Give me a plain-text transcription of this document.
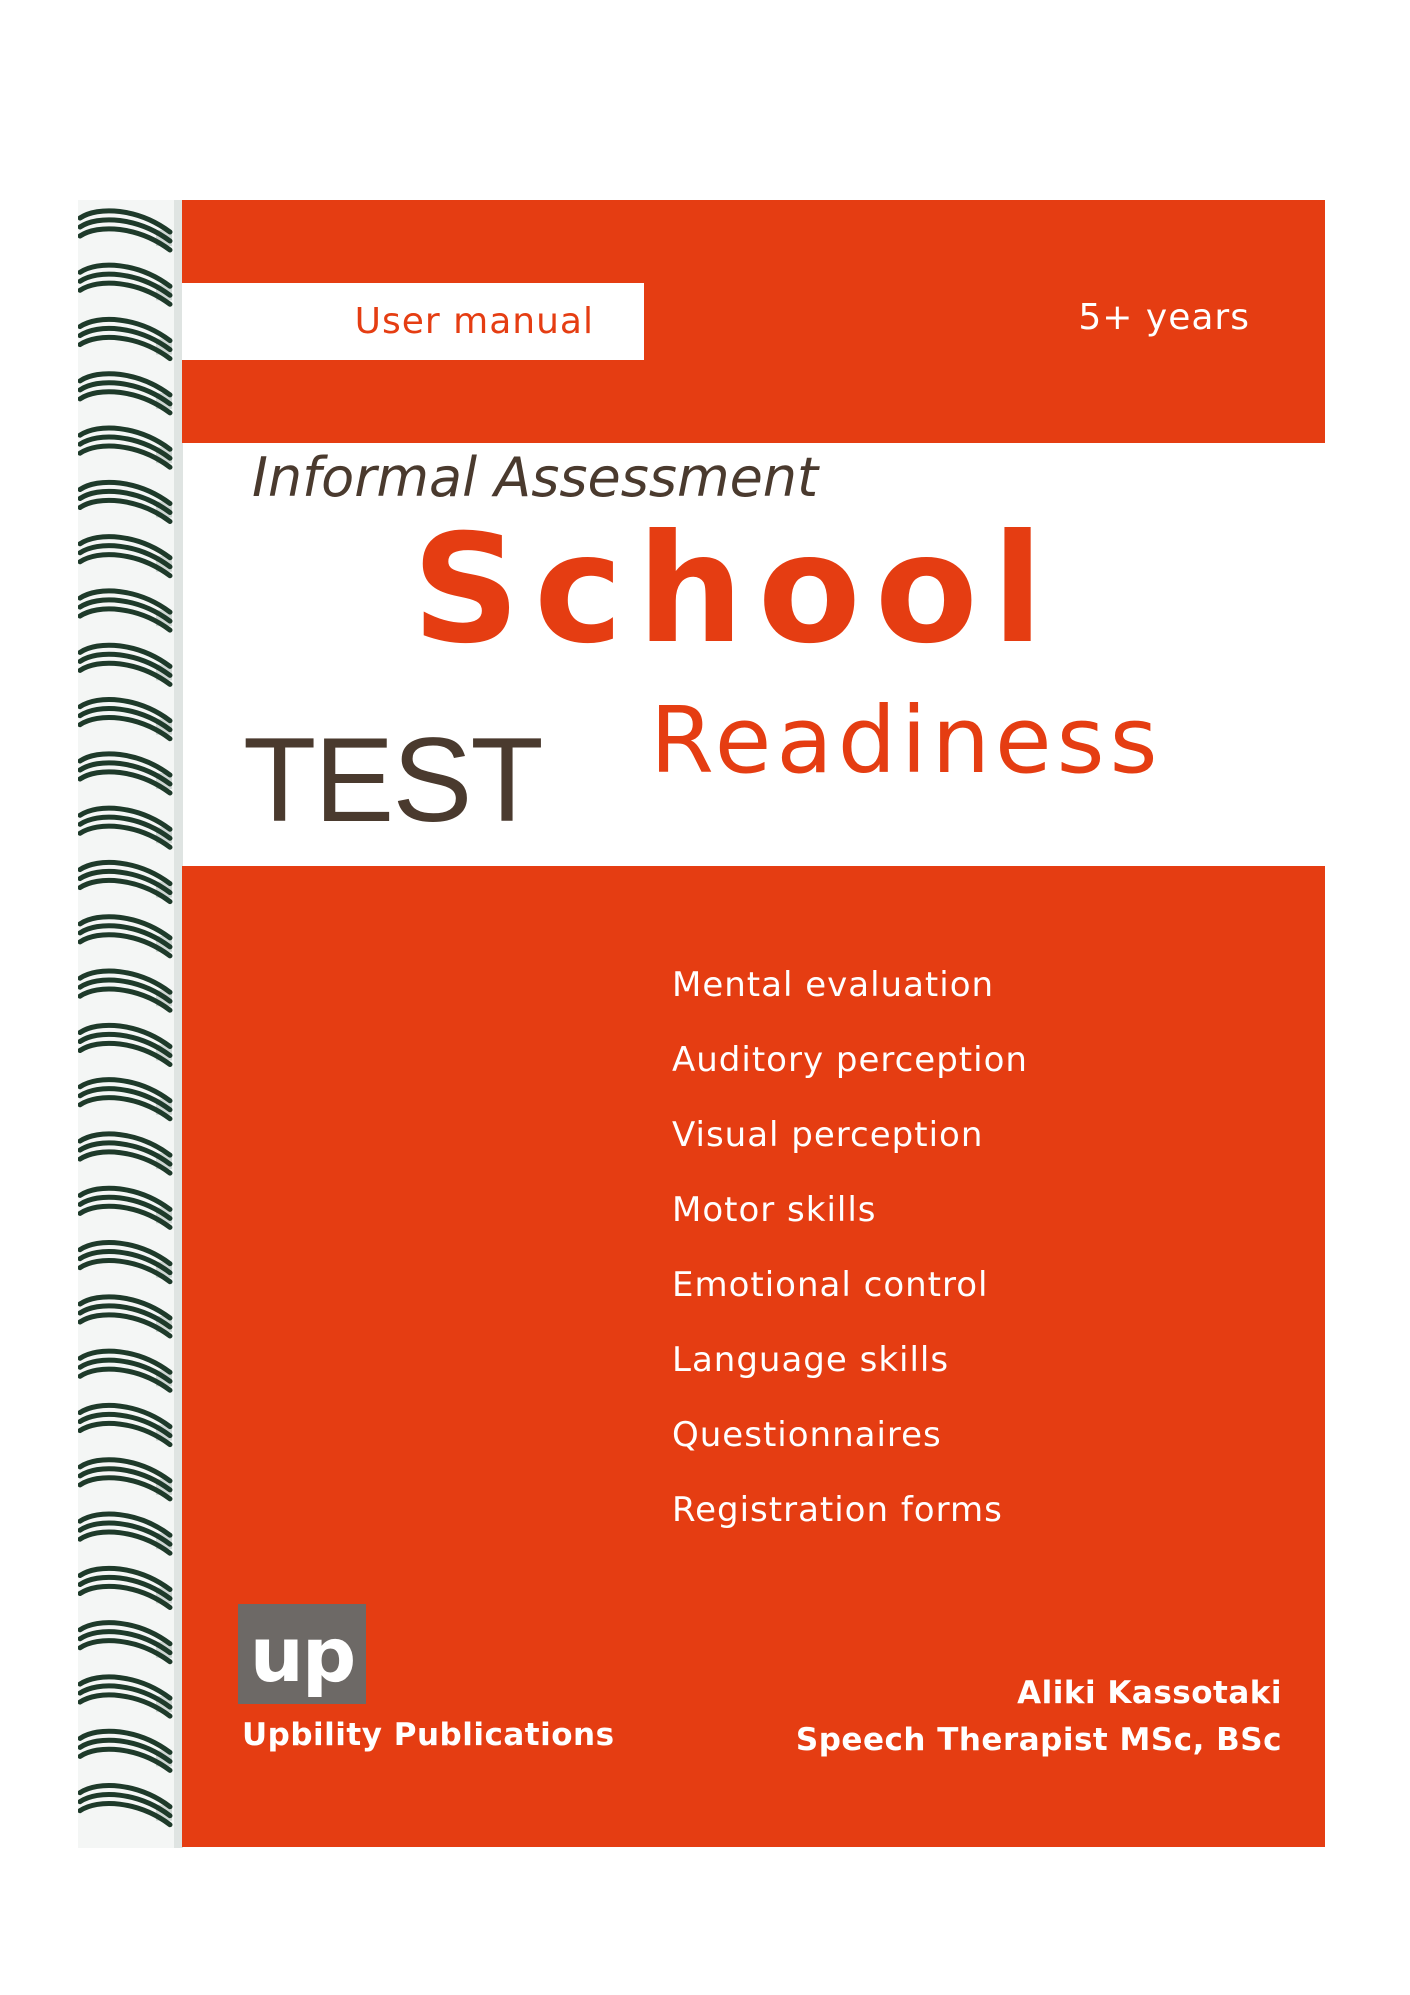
User manual	5+ years
Informal Assessment
School
Readiness
TEST
Mental evaluation
Auditory perception
Visual perception
Motor skills
Emotional control
Language skills
Questionnaires
Registration forms
up
Upbility Publications
Aliki Kassotaki
Speech Therapist MSc, BSc
